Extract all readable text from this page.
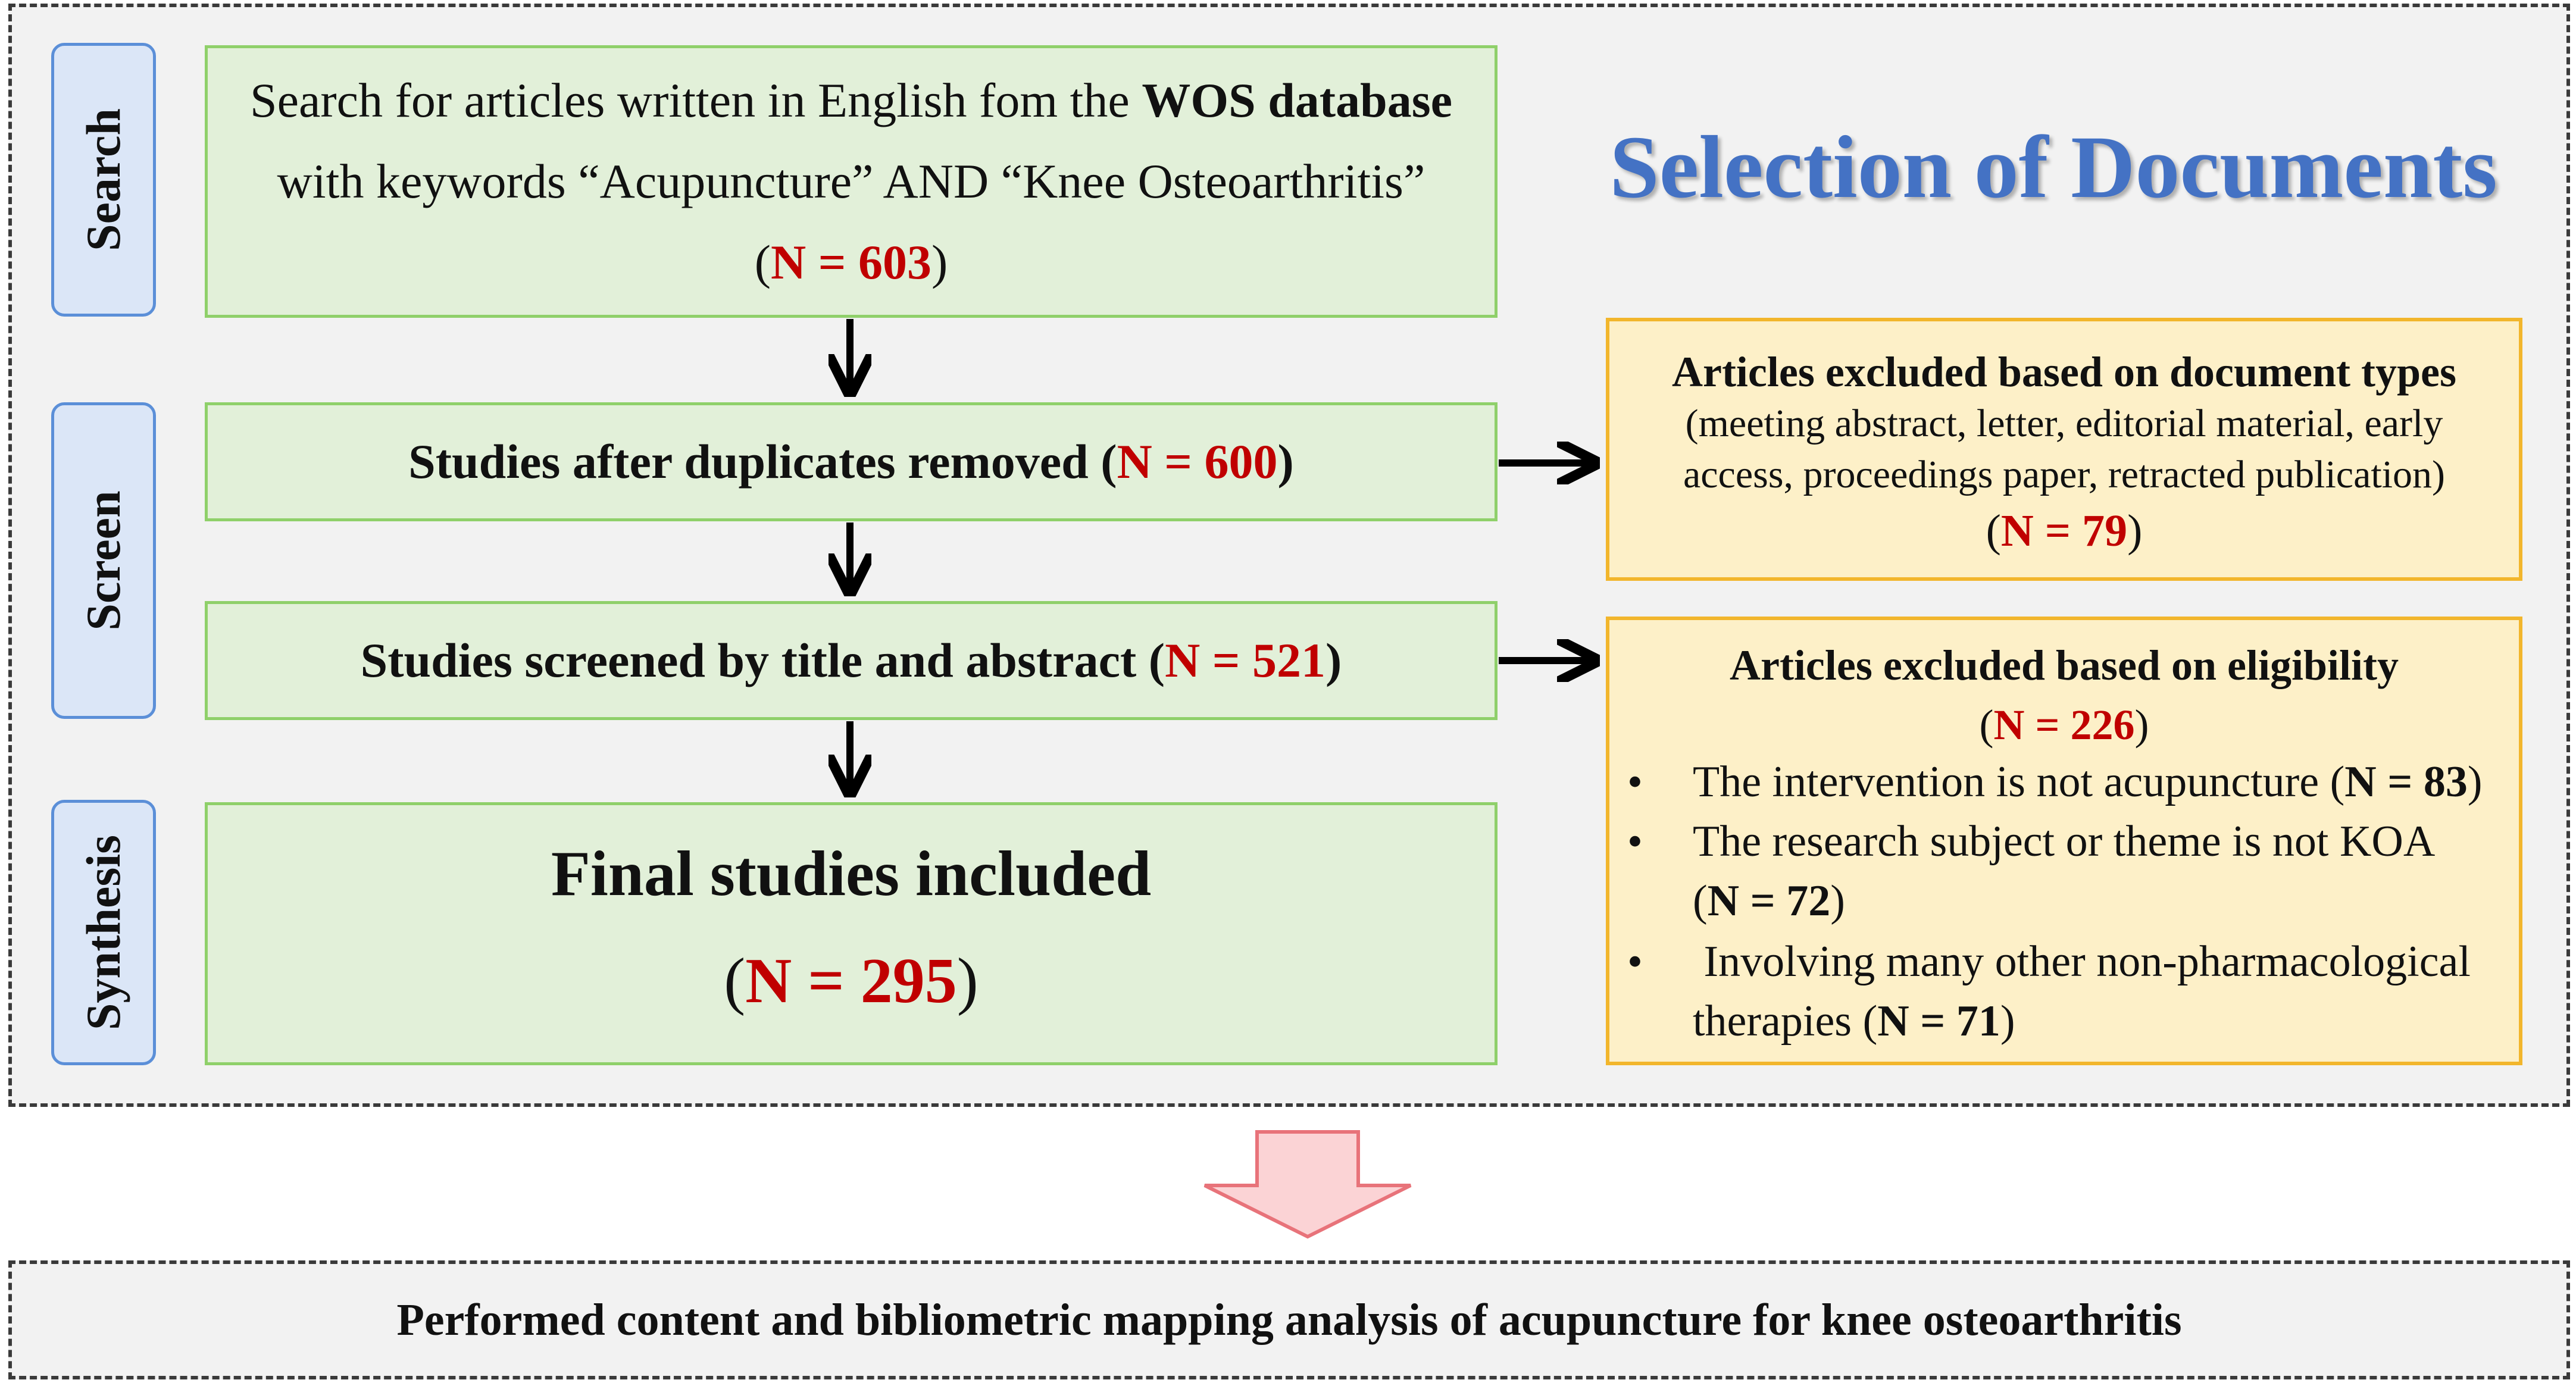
Selection of Documents
Search
Screen
Synthesis
Search for articles written in English fom the WOS database
with keywords “Acupuncture” AND “Knee Osteoarthritis”
(N = 603)
Studies after duplicates removed (N = 600)
Studies screened by title and abstract (N = 521)
Final studies included
(N = 295)
Articles excluded based on document types
(meeting abstract, letter, editorial material, early
access, proceedings paper, retracted publication)
(N = 79)
Articles excluded based on eligibility
(N = 226)
• The intervention is not acupuncture (N = 83)
• The research subject or theme is not KOA
(N = 72)
• Involving many other non-pharmacological
therapies (N = 71)
Performed content and bibliometric mapping analysis of acupuncture for knee osteoarthritis
